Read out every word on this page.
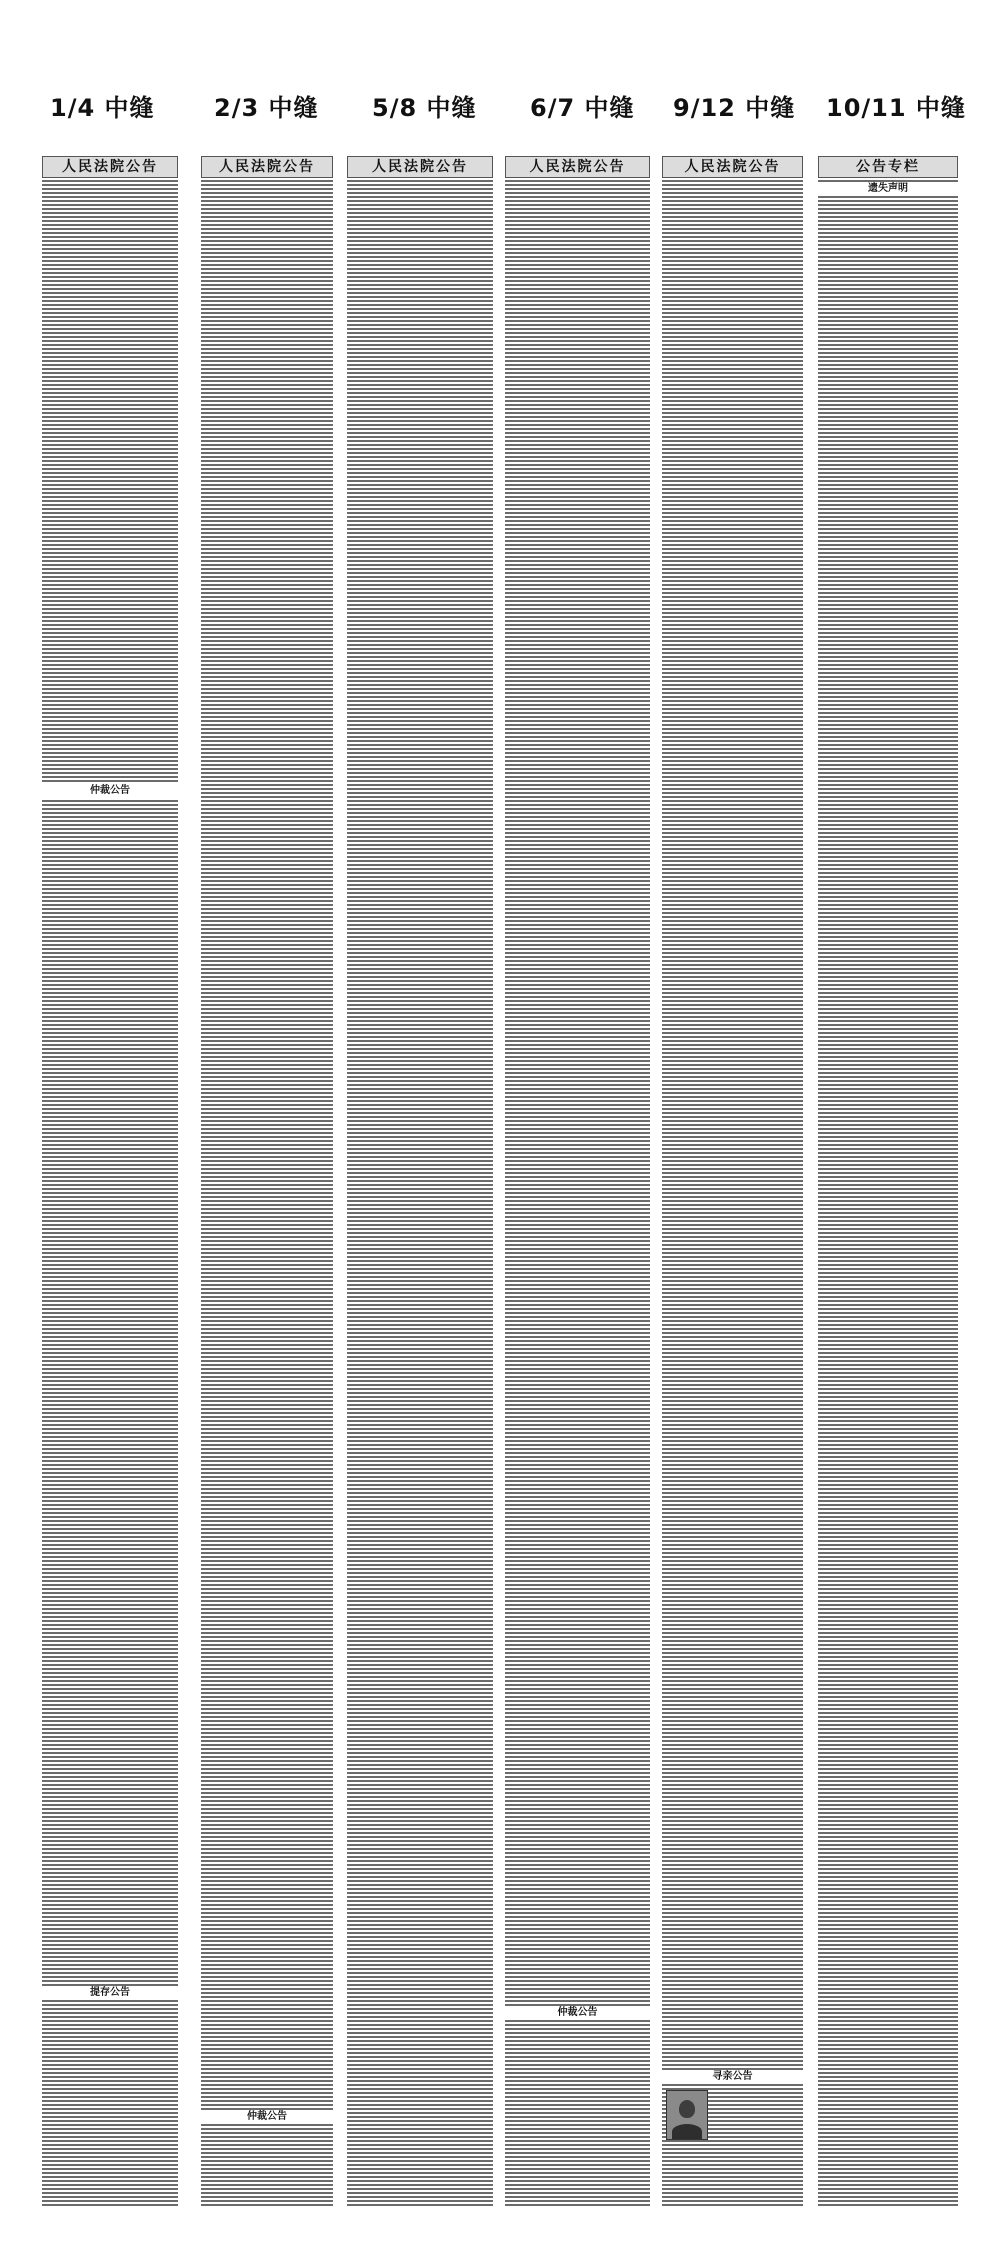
1/4 中缝 2/3 中缝 5/8 中缝 6/7 中缝 9/12 中缝 10/11 中缝
人民法院公告
仲裁公告
提存公告
人民法院公告
仲裁公告
人民法院公告	人民法院公告
仲裁公告
人民法院公告
寻亲公告
公告专栏
遗失声明
